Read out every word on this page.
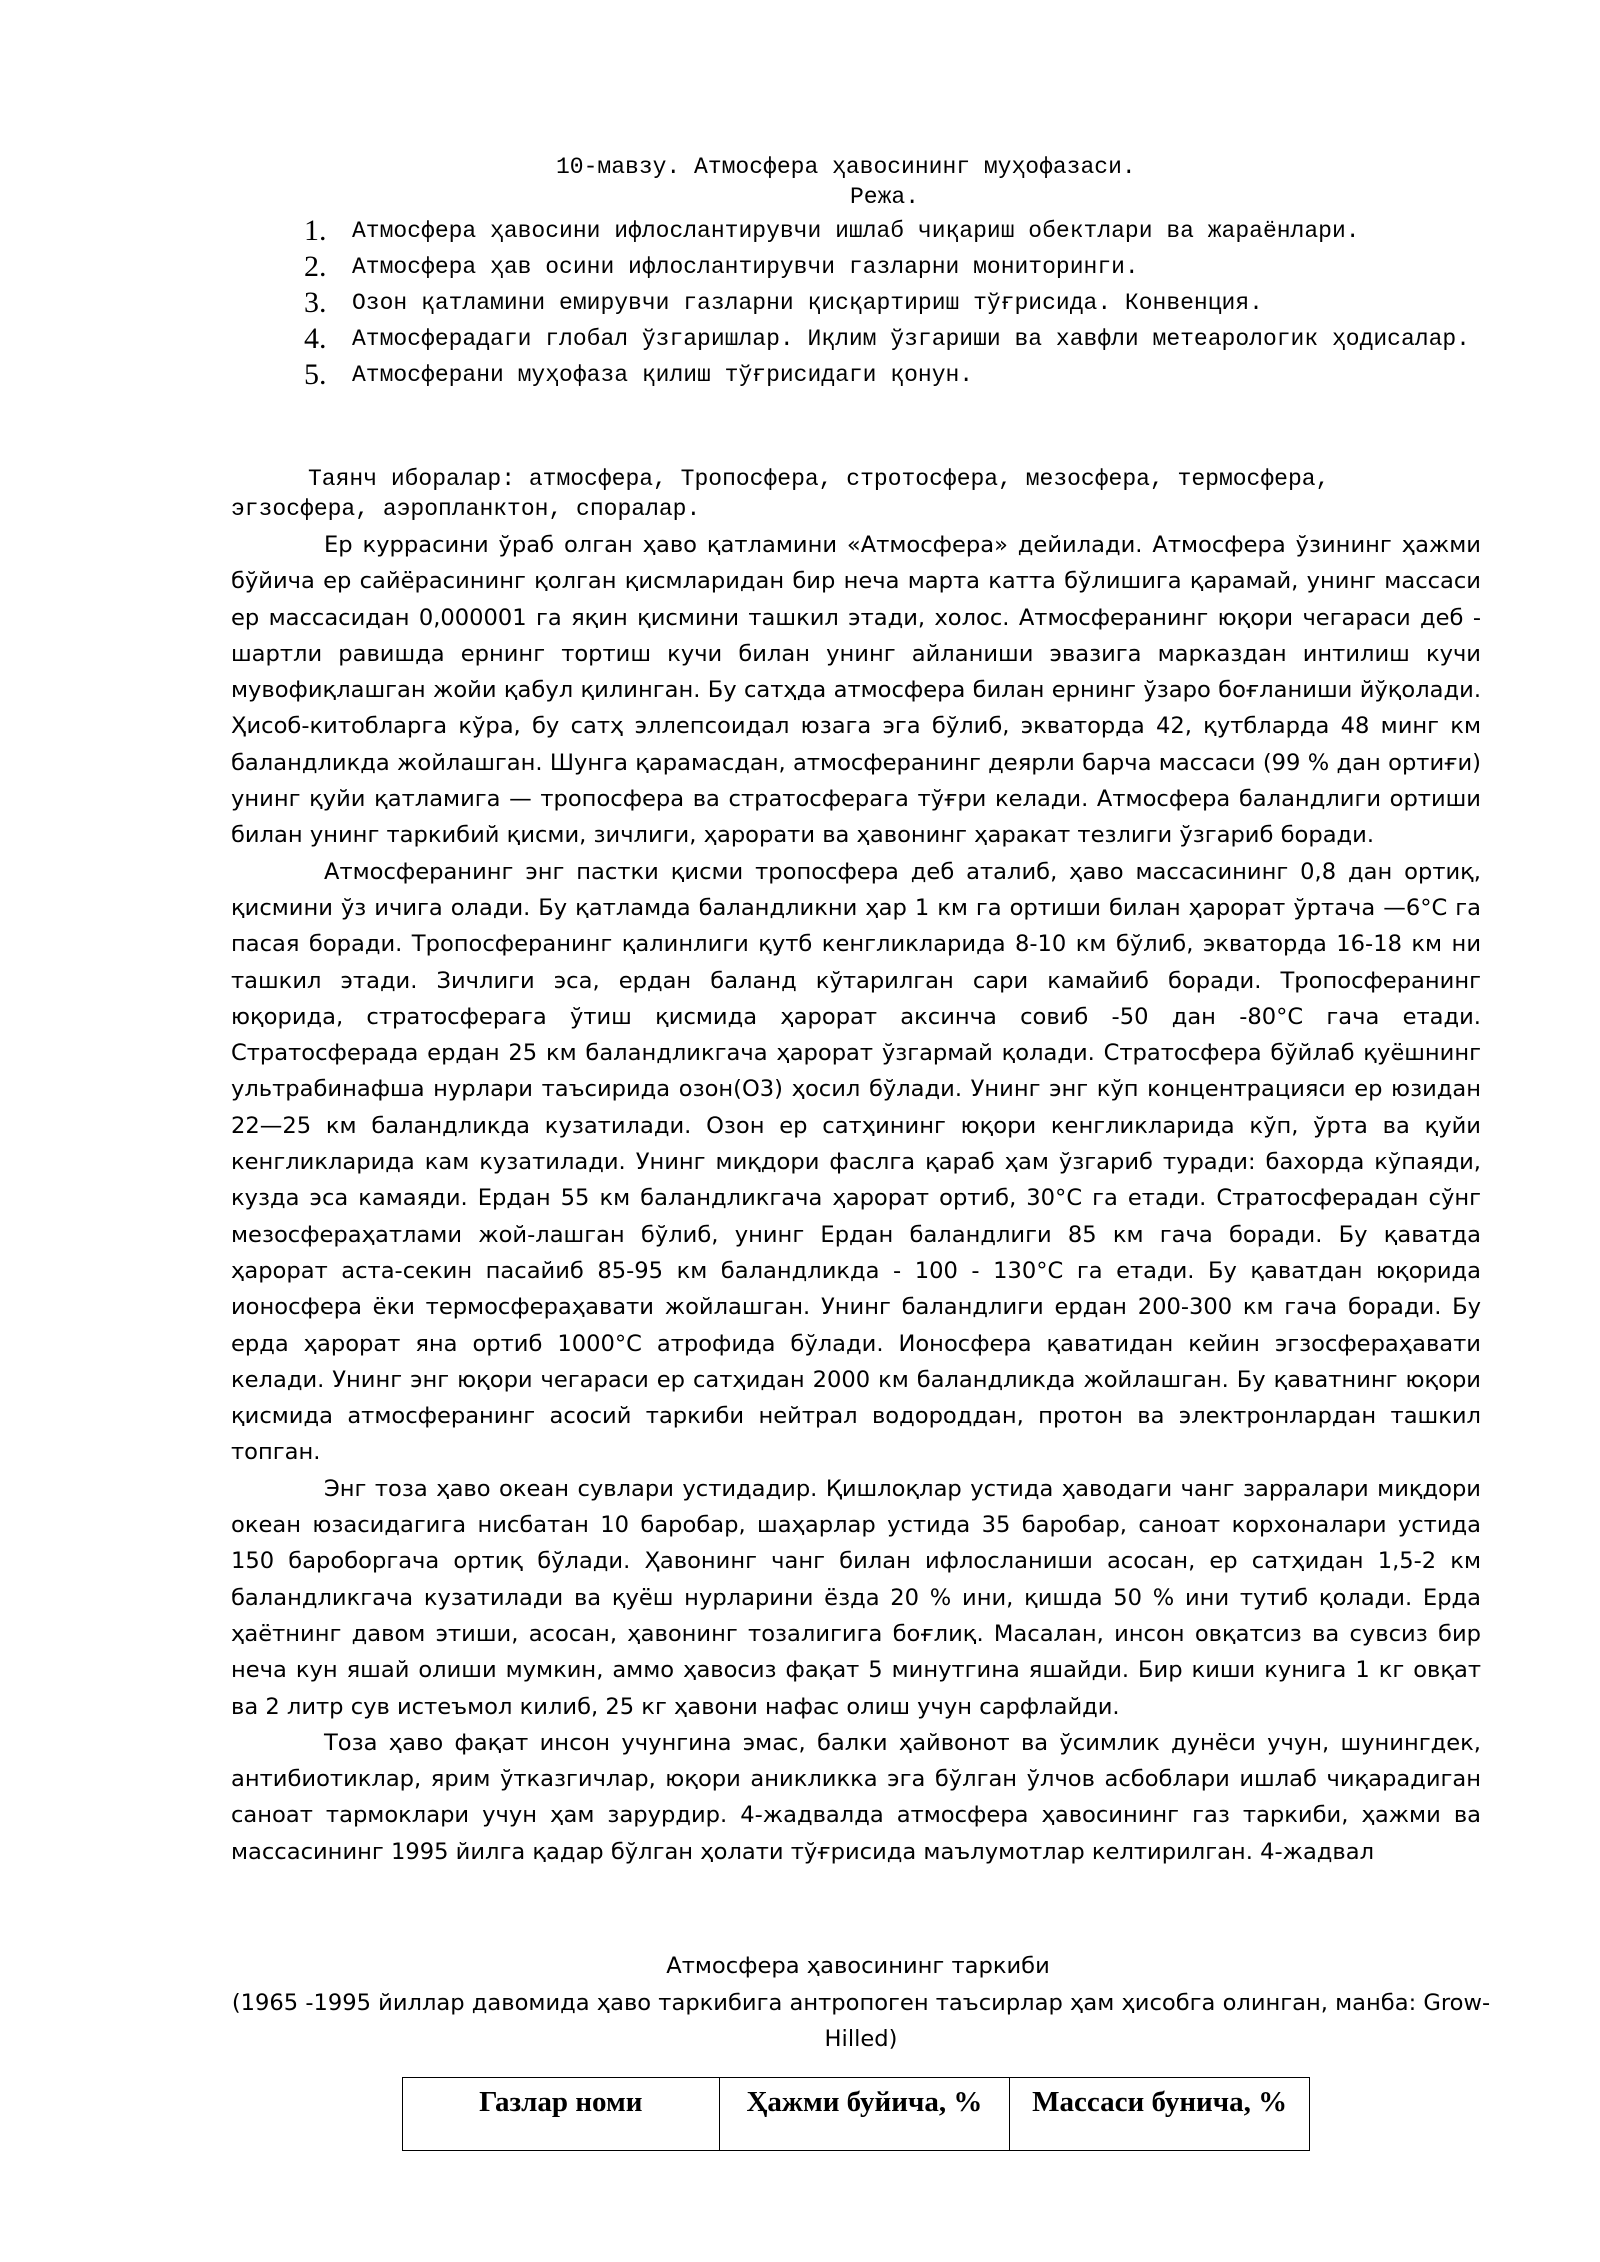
10-мавзу. Атмосфера ҳавосининг муҳофазаси.
Режа.
1. Атмосфера ҳавосини ифлослантирувчи ишлаб чиқариш обектлари ва жараёнлари.
2. Атмосфера ҳав осини ифлослантирувчи газларни мониторинги.
3. Озон қатламини емирувчи газларни қисқартириш тўғрисида. Конвенция.
4. Атмосферадаги глобал ўзгаришлар. Иқлим ўзгариши ва хавфли метеарологик ҳодисалар.
5. Атмосферани муҳофаза қилиш тўғрисидаги қонун.
Таянч иборалар: атмосфера, Тропосфера, стротосфера, мезосфера, термосфера, эгзосфера, аэропланктон, споралар.

Ер куррасини ўраб олган ҳаво қатламини «Атмосфера» дейилади. Атмосфера ўзининг ҳажми бўйича ер сайёрасининг қолган қисмларидан бир неча марта катта бўлишига қарамай, унинг массаси ер массасидан 0,000001 га яқин қисмини ташкил этади, холос. Атмосферанинг юқори чегараси деб - шартли равишда ернинг тортиш кучи билан унинг айланиши эвазига марказдан интилиш кучи мувофиқлашган жойи қабул қилинган. Бу сатҳда атмосфера билан ернинг ўзаро боғланиши йўқолади. Ҳисоб-китобларга кўра, бу сатҳ эллепсоидал юзага эга бўлиб, экваторда 42, қутбларда 48 минг км баландликда жойлашган. Шунга қарамасдан, атмосферанинг деярли барча массаси (99 % дан ортиғи) унинг қуйи қатламига — тропосфера ва стратосферага тўғри келади. Атмосфера баландлиги ортиши билан унинг таркибий қисми, зичлиги, ҳарорати ва ҳавонинг ҳаракат тезлиги ўзгариб боради.

Атмосферанинг энг пастки қисми тропосфера деб аталиб, ҳаво массасининг 0,8 дан ортиқ, қисмини ўз ичига олади. Бу қатламда баландликни ҳар 1 км га ортиши билан ҳарорат ўртача —6°С га пасая боради. Тропосферанинг қалинлиги қутб кенгликларида 8-10 км бўлиб, экваторда 16-18 км ни ташкил этади. Зичлиги эса, ердан баланд кўтарилган сари камайиб боради. Тропосферанинг юқорида, стратосферага ўтиш қисмида ҳарорат аксинча совиб -50 дан -80°С гача етади. Стратосферада ердан 25 км баландликгача ҳарорат ўзгармай қолади. Стратосфера бўйлаб қуёшнинг ультрабинафша нурлари таъсирида озон(О3) ҳосил бўлади. Унинг энг кўп концентрацияси ер юзидан 22—25 км баландликда кузатилади. Озон ер сатҳининг юқори кенгликларида кўп, ўрта ва қуйи кенгликларида кам кузатилади. Унинг миқдори фаслга қараб ҳам ўзгариб туради: бахорда кўпаяди, кузда эса камаяди. Ердан 55 км баландликгача ҳарорат ортиб, 30°С га етади. Стратосферадан сўнг мезосфераҳатлами жой-лашган бўлиб, унинг Ердан баландлиги 85 км гача боради. Бу қаватда ҳарорат аста-секин пасайиб 85-95 км баландликда - 100 - 130°С га етади. Бу қаватдан юқорида ионосфера ёки термосфераҳавати жойлашган. Унинг баландлиги ердан 200-300 км гача боради. Бу ерда ҳарорат яна ортиб 1000°С атрофида бўлади. Ионосфера қаватидан кейин эгзосфераҳавати келади. Унинг энг юқори чегараси ер сатҳидан 2000 км баландликда жойлашган. Бу қаватнинг юқори қисмида атмосферанинг асосий таркиби нейтрал водороддан, протон ва электронлардан ташкил топган.

Энг тоза ҳаво океан сувлари устидадир. Қишлоқлар устида ҳаводаги чанг зарралари миқдори океан юзасидагига нисбатан 10 баробар, шаҳарлар устида 35 баробар, саноат корхоналари устида 150 бароборгача ортиқ бўлади. Ҳавонинг чанг билан ифлосланиши асосан, ер сатҳидан 1,5-2 км баландликгача кузатилади ва қуёш нурларини ёзда 20 % ини, қишда 50 % ини тутиб қолади. Ерда ҳаётнинг давом этиши, асосан, ҳавонинг тозалигига боғлиқ. Масалан, инсон овқатсиз ва сувсиз бир неча кун яшай олиши мумкин, аммо ҳавосиз фақат 5 минутгина яшайди. Бир киши кунига 1 кг овқат ва 2 литр сув истеъмол килиб, 25 кг ҳавони нафас олиш учун сарфлайди.

Тоза ҳаво фақат инсон учунгина эмас, балки ҳайвонот ва ўсимлик дунёси учун, шунингдек, антибиотиклар, ярим ўтказгичлар, юқори аникликка эга бўлган ўлчов асбоблари ишлаб чиқарадиган саноат тармоклари учун ҳам зарурдир. 4-жадвалда атмосфера ҳавосининг газ таркиби, ҳажми ва массасининг 1995 йилга қадар бўлган ҳолати тўғрисида маълумотлар келтирилган. 4-жадвал

Атмосфера ҳавосининг таркиби
(1965 -1995 йиллар давомида ҳаво таркибига антропоген таъсирлар ҳам ҳисобга олинган, манба: Grow-Hilled)
Газлар номи	Ҳажми буйича, %	Массаси бунича, %
